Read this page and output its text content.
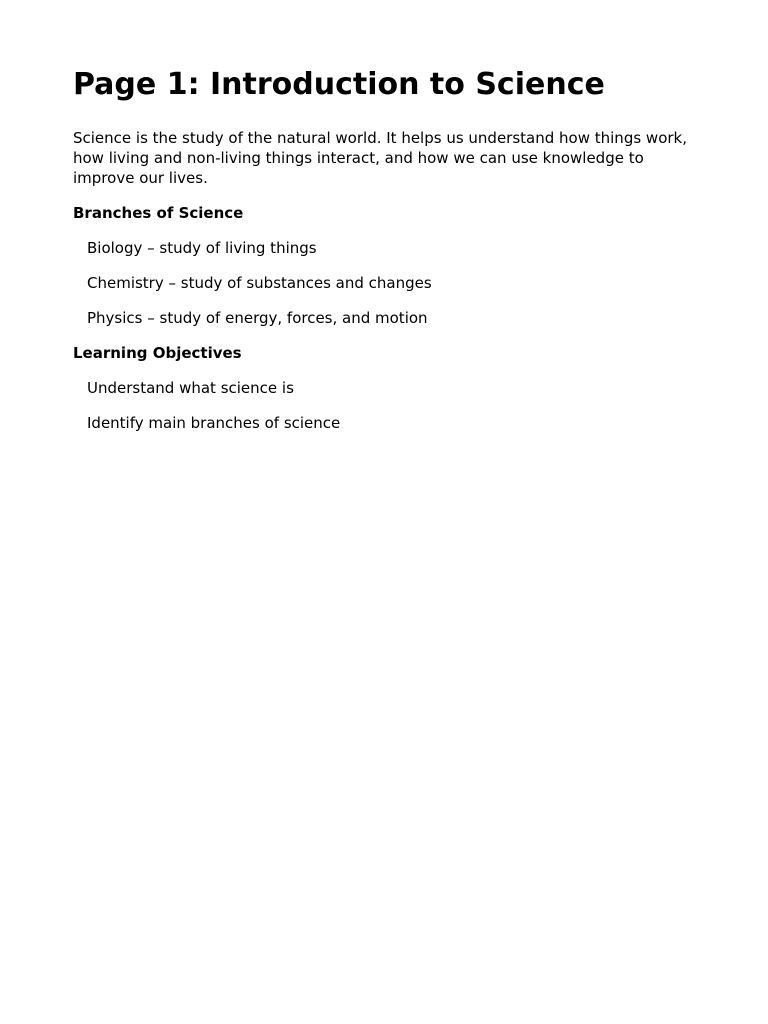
Page 1: Introduction to Science

Science is the study of the natural world. It helps us understand how things work, how living and non-living things interact, and how we can use knowledge to improve our lives.

Branches of Science

Biology – study of living things

Chemistry – study of substances and changes

Physics – study of energy, forces, and motion

Learning Objectives

Understand what science is

Identify main branches of science
